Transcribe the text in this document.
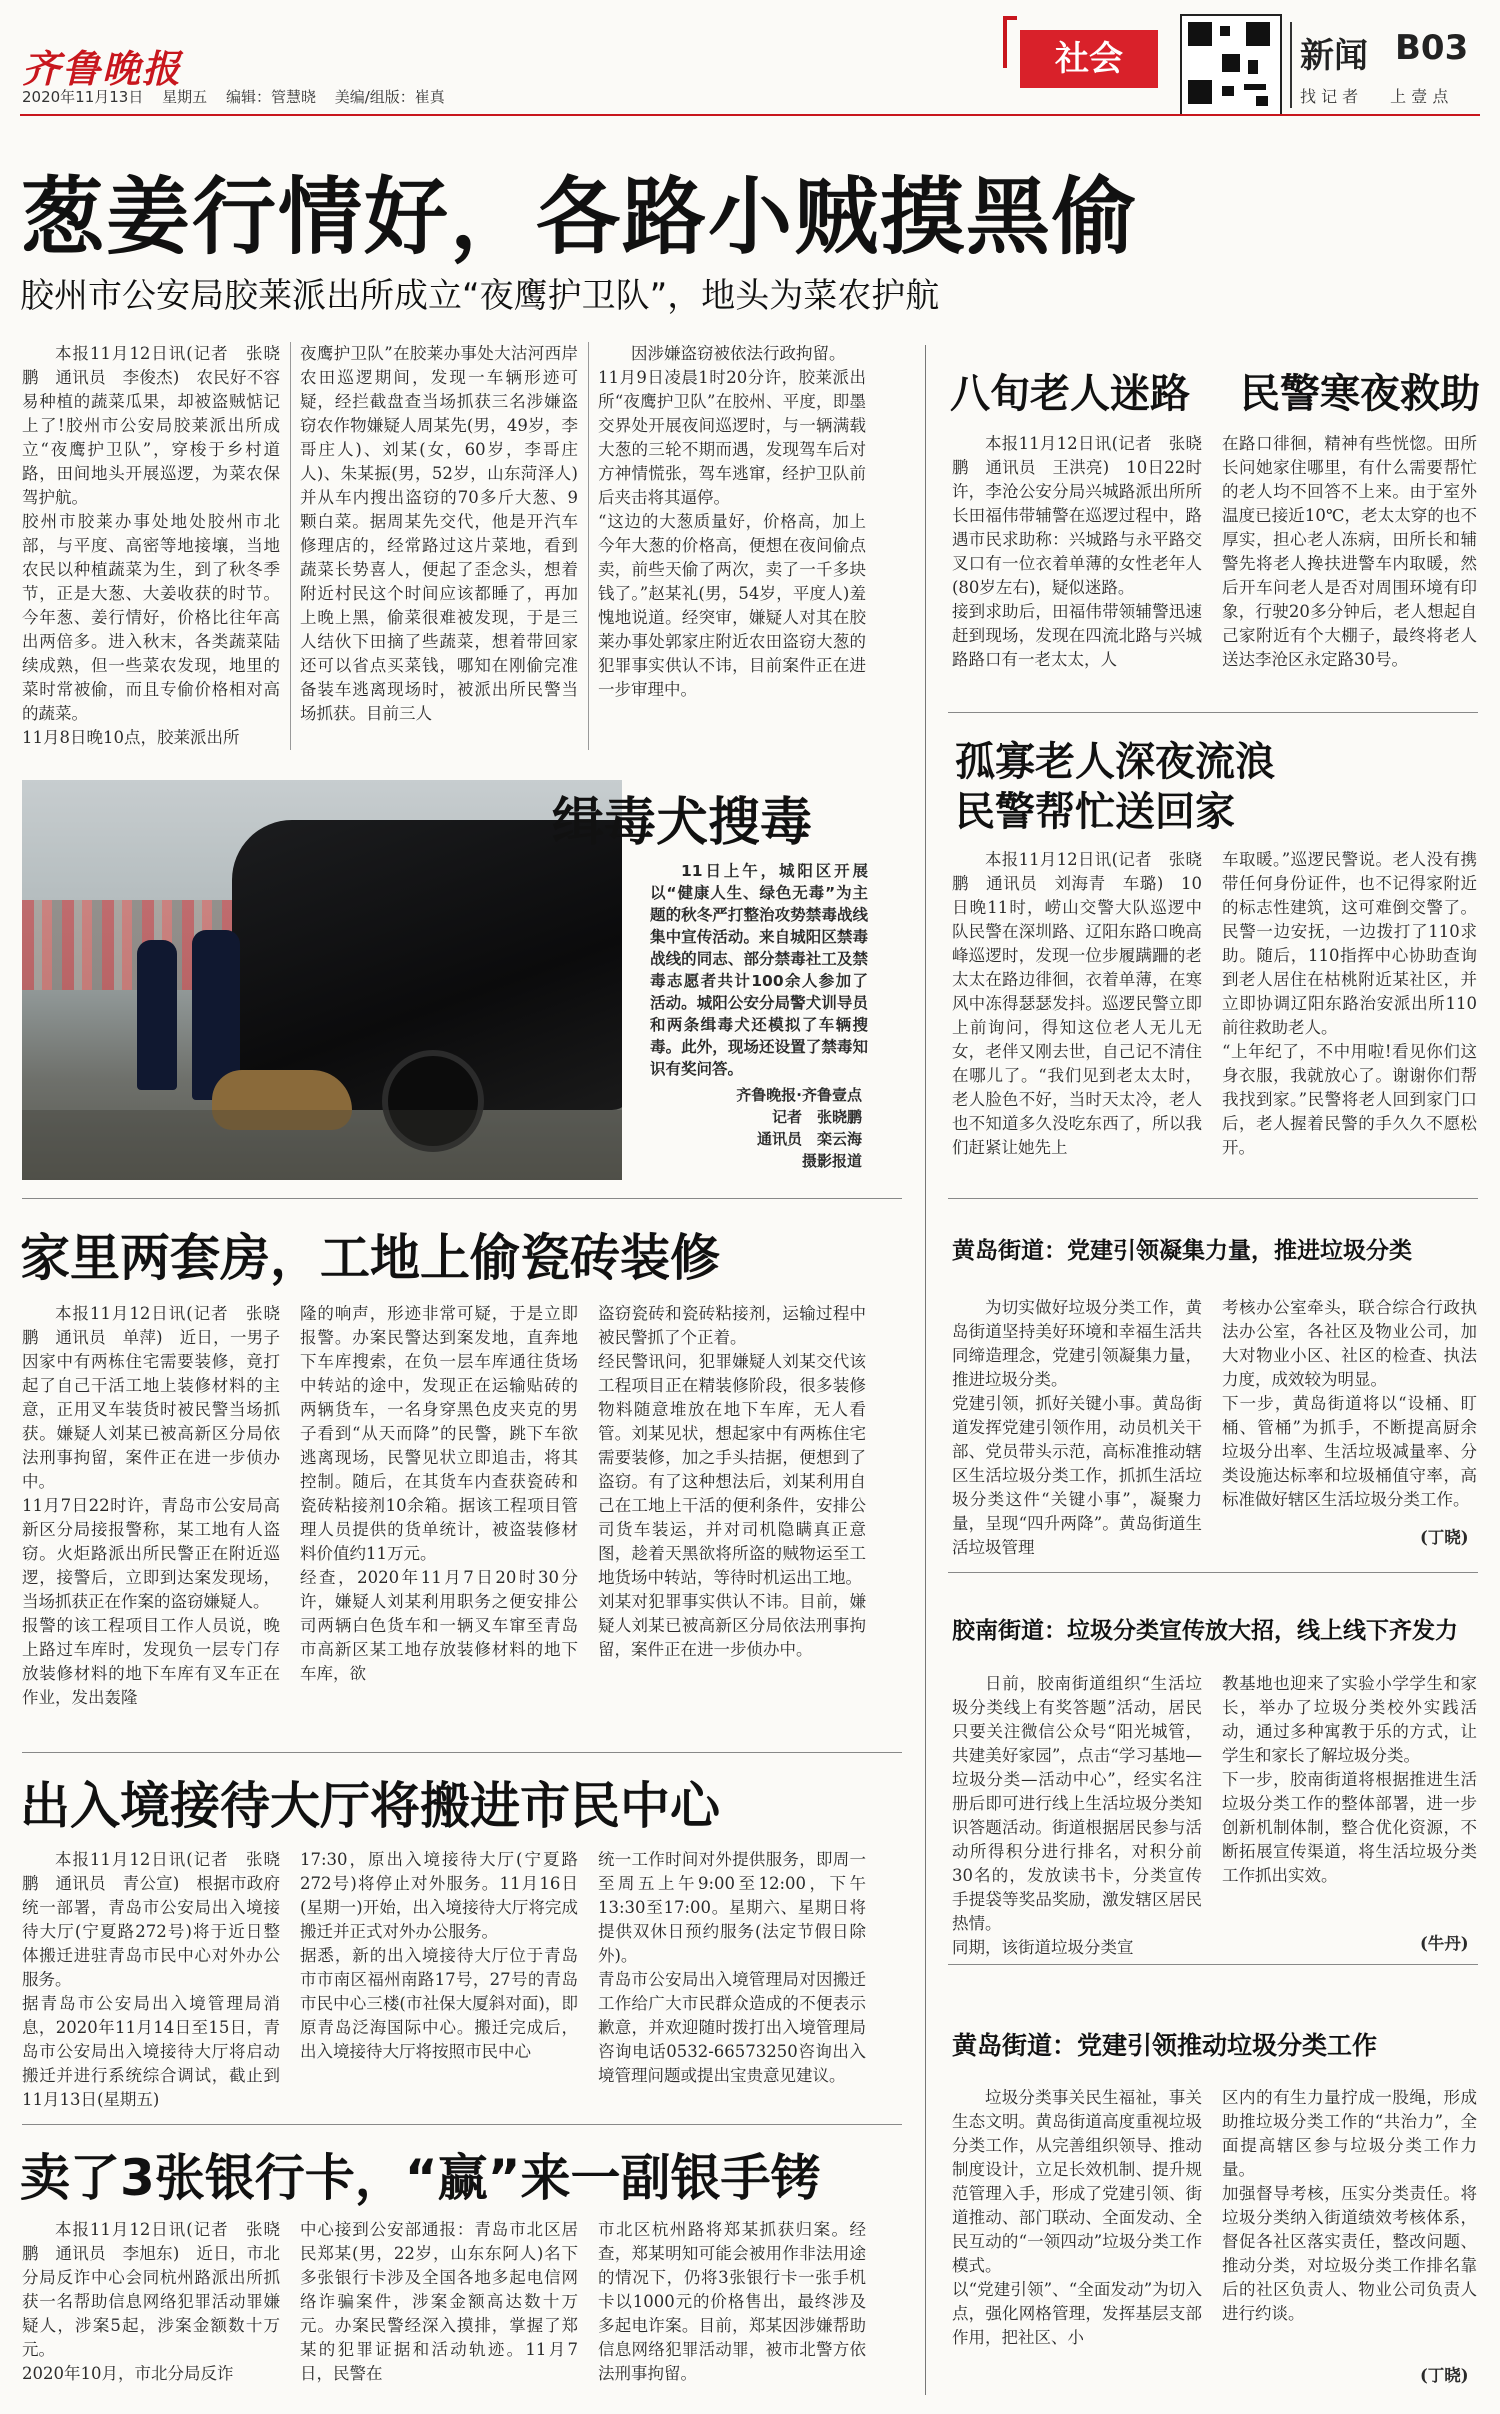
齐鲁晚报
2020年11月13日 星期五 编辑：管慧晓 美编/组版：崔真
社会	新闻 B03
找 记 者　　上 壹 点
葱姜行情好，各路小贼摸黑偷
胶州市公安局胶莱派出所成立“夜鹰护卫队”，地头为菜农护航

本报11月12日讯(记者　张晓鹏　通讯员　李俊杰)　农民好不容易种植的蔬菜瓜果，却被盗贼惦记上了!胶州市公安局胶莱派出所成立“夜鹰护卫队”，穿梭于乡村道路，田间地头开展巡逻，为菜农保驾护航。
胶州市胶莱办事处地处胶州市北部，与平度、高密等地接壤，当地农民以种植蔬菜为生，到了秋冬季节，正是大葱、大姜收获的时节。今年葱、姜行情好，价格比往年高出两倍多。进入秋末，各类蔬菜陆续成熟，但一些菜农发现，地里的菜时常被偷，而且专偷价格相对高的蔬菜。
11月8日晚10点，胶莱派出所

夜鹰护卫队”在胶莱办事处大沽河西岸农田巡逻期间，发现一车辆形迹可疑，经拦截盘查当场抓获三名涉嫌盗窃农作物嫌疑人周某先(男，49岁，李哥庄人)、刘某(女，60岁，李哥庄人)、朱某振(男，52岁，山东菏泽人)并从车内搜出盗窃的70多斤大葱、9颗白菜。据周某先交代，他是开汽车修理店的，经常路过这片菜地，看到蔬菜长势喜人，便起了歪念头，想着附近村民这个时间应该都睡了，再加上晚上黑，偷菜很难被发现，于是三人结伙下田摘了些蔬菜，想着带回家还可以省点买菜钱，哪知在刚偷完准备装车逃离现场时，被派出所民警当场抓获。目前三人

因涉嫌盗窃被依法行政拘留。
11月9日凌晨1时20分许，胶莱派出所“夜鹰护卫队”在胶州、平度，即墨交界处开展夜间巡逻时，与一辆满载大葱的三轮不期而遇，发现驾车后对方神情慌张，驾车逃窜，经护卫队前后夹击将其逼停。
“这边的大葱质量好，价格高，加上今年大葱的价格高，便想在夜间偷点卖，前些天偷了两次，卖了一千多块钱了。”赵某礼(男，54岁，平度人)羞愧地说道。经突审，嫌疑人对其在胶莱办事处郭家庄附近农田盗窃大葱的犯罪事实供认不讳，目前案件正在进一步审理中。

缉毒犬搜毒

11日上午，城阳区开展以“健康人生、绿色无毒”为主题的秋冬严打整治攻势禁毒战线集中宣传活动。来自城阳区禁毒战线的同志、部分禁毒社工及禁毒志愿者共计100余人参加了活动。城阳公安分局警犬训导员和两条缉毒犬还模拟了车辆搜毒。此外，现场还设置了禁毒知识有奖问答。

齐鲁晚报·齐鲁壹点
记者　张晓鹏
通讯员　栾云海
摄影报道
家里两套房，工地上偷瓷砖装修

本报11月12日讯(记者　张晓鹏　通讯员　单萍)　近日，一男子因家中有两栋住宅需要装修，竟打起了自己干活工地上装修材料的主意，正用叉车装货时被民警当场抓获。嫌疑人刘某已被高新区分局依法刑事拘留，案件正在进一步侦办中。
11月7日22时许，青岛市公安局高新区分局接报警称，某工地有人盗窃。火炬路派出所民警正在附近巡逻，接警后，立即到达案发现场，当场抓获正在作案的盗窃嫌疑人。
报警的该工程项目工作人员说，晚上路过车库时，发现负一层专门存放装修材料的地下车库有叉车正在作业，发出轰隆

隆的响声，形迹非常可疑，于是立即报警。办案民警达到案发地，直奔地下车库搜索，在负一层车库通往货场中转站的途中，发现正在运输贴砖的两辆货车，一名身穿黑色皮夹克的男子看到“从天而降”的民警，跳下车欲逃离现场，民警见状立即追击，将其控制。随后，在其货车内查获瓷砖和瓷砖粘接剂10余箱。据该工程项目管理人员提供的货单统计，被盗装修材料价值约11万元。
经查，2020年11月7日20时30分许，嫌疑人刘某利用职务之便安排公司两辆白色货车和一辆叉车窜至青岛市高新区某工地存放装修材料的地下车库，欲

盗窃瓷砖和瓷砖粘接剂，运输过程中被民警抓了个正着。
经民警讯问，犯罪嫌疑人刘某交代该工程项目正在精装修阶段，很多装修物料随意堆放在地下车库，无人看管。刘某见状，想起家中有两栋住宅需要装修，加之手头拮据，便想到了盗窃。有了这种想法后，刘某利用自己在工地上干活的便利条件，安排公司货车装运，并对司机隐瞒真正意图，趁着天黑欲将所盗的贼物运至工地货场中转站，等待时机运出工地。
刘某对犯罪事实供认不讳。目前，嫌疑人刘某已被高新区分局依法刑事拘留，案件正在进一步侦办中。

出入境接待大厅将搬进市民中心

本报11月12日讯(记者　张晓鹏　通讯员　青公宣)　根据市政府统一部署，青岛市公安局出入境接待大厅(宁夏路272号)将于近日整体搬迁进驻青岛市民中心对外办公服务。
据青岛市公安局出入境管理局消息，2020年11月14日至15日，青岛市公安局出入境接待大厅将启动搬迁并进行系统综合调试，截止到11月13日(星期五)

17:30，原出入境接待大厅(宁夏路272号)将停止对外服务。11月16日(星期一)开始，出入境接待大厅将完成搬迁并正式对外办公服务。
据悉，新的出入境接待大厅位于青岛市市南区福州南路17号，27号的青岛市民中心三楼(市社保大厦斜对面)，即原青岛泛海国际中心。搬迁完成后，出入境接待大厅将按照市民中心

统一工作时间对外提供服务，即周一至周五上午9:00至12:00，下午13:30至17:00。星期六、星期日将提供双休日预约服务(法定节假日除外)。
青岛市公安局出入境管理局对因搬迁工作给广大市民群众造成的不便表示歉意，并欢迎随时拨打出入境管理局咨询电话0532-66573250咨询出入境管理问题或提出宝贵意见建议。

卖了3张银行卡，“赢”来一副银手铐

本报11月12日讯(记者　张晓鹏　通讯员　李旭东)　近日，市北分局反诈中心会同杭州路派出所抓获一名帮助信息网络犯罪活动罪嫌疑人，涉案5起，涉案金额数十万元。
2020年10月，市北分局反诈

中心接到公安部通报：青岛市北区居民郑某(男，22岁，山东东阿人)名下多张银行卡涉及全国各地多起电信网络诈骗案件，涉案金额高达数十万元。办案民警经深入摸排，掌握了郑某的犯罪证据和活动轨迹。11月7日，民警在

市北区杭州路将郑某抓获归案。经查，郑某明知可能会被用作非法用途的情况下，仍将3张银行卡一张手机卡以1000元的价格售出，最终涉及多起电诈案。目前，郑某因涉嫌帮助信息网络犯罪活动罪，被市北警方依法刑事拘留。

八旬老人迷路 民警寒夜救助

本报11月12日讯(记者　张晓鹏　通讯员　王洪亮)　10日22时许，李沧公安分局兴城路派出所所长田福伟带辅警在巡逻过程中，路遇市民求助称：兴城路与永平路交叉口有一位衣着单薄的女性老年人(80岁左右)，疑似迷路。
接到求助后，田福伟带领辅警迅速赶到现场，发现在四流北路与兴城路路口有一老太太，人

在路口徘徊，精神有些恍惚。田所长问她家住哪里，有什么需要帮忙的老人均不回答不上来。由于室外温度已接近10℃，老太太穿的也不厚实，担心老人冻病，田所长和辅警先将老人搀扶进警车内取暖，然后开车问老人是否对周围环境有印象，行驶20多分钟后，老人想起自己家附近有个大棚子，最终将老人送达李沧区永定路30号。

孤寡老人深夜流浪
民警帮忙送回家

本报11月12日讯(记者　张晓鹏　通讯员　刘海青　车璐)　10日晚11时，崂山交警大队巡逻中队民警在深圳路、辽阳东路口晚高峰巡逻时，发现一位步履蹒跚的老太太在路边徘徊，衣着单薄，在寒风中冻得瑟瑟发抖。巡逻民警立即上前询问，得知这位老人无儿无女，老伴又刚去世，自己记不清住在哪儿了。“我们见到老太太时，老人脸色不好，当时天太冷，老人也不知道多久没吃东西了，所以我们赶紧让她先上

车取暖。”巡逻民警说。老人没有携带任何身份证件，也不记得家附近的标志性建筑，这可难倒交警了。民警一边安抚，一边拨打了110求助。随后，110指挥中心协助查询到老人居住在枯桃附近某社区，并立即协调辽阳东路治安派出所110前往救助老人。
“上年纪了，不中用啦!看见你们这身衣服，我就放心了。谢谢你们帮我找到家。”民警将老人回到家门口后，老人握着民警的手久久不愿松开。

黄岛街道：党建引领凝集力量，推进垃圾分类

为切实做好垃圾分类工作，黄岛街道坚持美好环境和幸福生活共同缔造理念，党建引领凝集力量，推进垃圾分类。
党建引领，抓好关键小事。黄岛街道发挥党建引领作用，动员机关干部、党员带头示范，高标准推动辖区生活垃圾分类工作，抓抓生活垃圾分类这件“关键小事”，凝聚力量，呈现“四升两降”。黄岛街道生活垃圾管理

考核办公室牵头，联合综合行政执法办公室，各社区及物业公司，加大对物业小区、社区的检查、执法力度，成效较为明显。
下一步，黄岛街道将以“设桶、盯桶、管桶”为抓手，不断提高厨余垃圾分出率、生活垃圾减量率、分类设施达标率和垃圾桶值守率，高标准做好辖区生活垃圾分类工作。

(丁晓)
胶南街道：垃圾分类宣传放大招，线上线下齐发力

日前，胶南街道组织“生活垃圾分类线上有奖答题”活动，居民只要关注微信公众号“阳光城管，共建美好家园”，点击“学习基地—垃圾分类—活动中心”，经实名注册后即可进行线上生活垃圾分类知识答题活动。街道根据居民参与活动所得积分进行排名，对积分前30名的，发放读书卡，分类宣传手提袋等奖品奖励，激发辖区居民热情。
同期，该街道垃圾分类宣

教基地也迎来了实验小学学生和家长，举办了垃圾分类校外实践活动，通过多种寓教于乐的方式，让学生和家长了解垃圾分类。
下一步，胶南街道将根据推进生活垃圾分类工作的整体部署，进一步创新机制体制，整合优化资源，不断拓展宣传渠道，将生活垃圾分类工作抓出实效。

(牛丹)
黄岛街道：党建引领推动垃圾分类工作

垃圾分类事关民生福祉，事关生态文明。黄岛街道高度重视垃圾分类工作，从完善组织领导、推动制度设计，立足长效机制、提升规范管理入手，形成了党建引领、街道推动、部门联动、全面发动、全民互动的“一领四动”垃圾分类工作模式。
以“党建引领”、“全面发动”为切入点，强化网格管理，发挥基层支部作用，把社区、小

区内的有生力量拧成一股绳，形成助推垃圾分类工作的“共治力”，全面提高辖区参与垃圾分类工作力量。
加强督导考核，压实分类责任。将垃圾分类纳入街道绩效考核体系，督促各社区落实责任，整改问题、推动分类，对垃圾分类工作排名靠后的社区负责人、物业公司负责人进行约谈。

(丁晓)
